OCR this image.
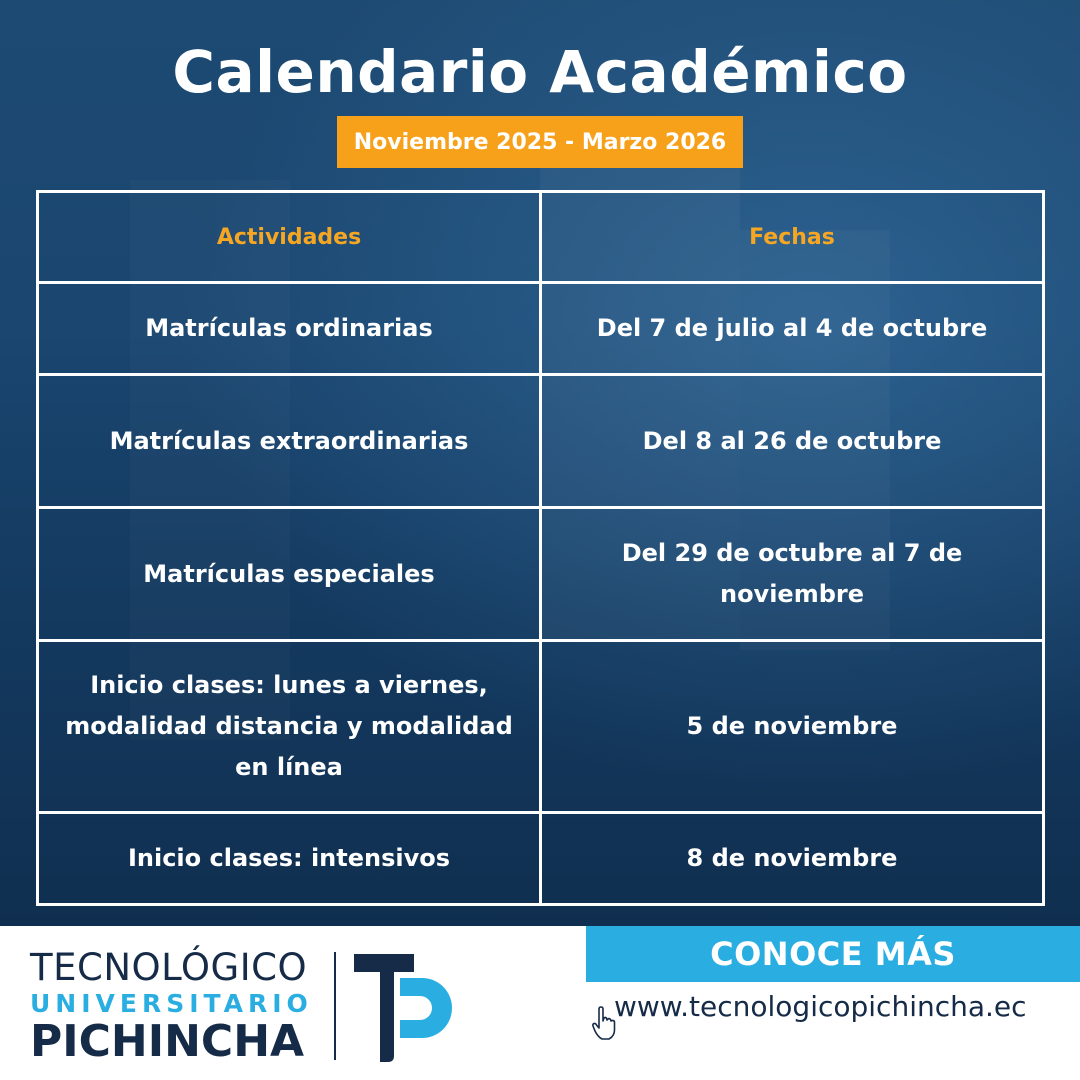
Calendario Académico
Noviembre 2025 - Marzo 2026
Actividades	Fechas
Matrículas ordinarias	Del 7 de julio al 4 de octubre
Matrículas extraordinarias	Del 8 al 26 de octubre
Matrículas especiales	Del 29 de octubre al 7 de noviembre
Inicio clases: lunes a viernes, modalidad distancia y modalidad en línea	5 de noviembre
Inicio clases: intensivos	8 de noviembre
TECNOLÓGICO
UNIVERSITARIO
PICHINCHA
CONOCE MÁS
www.tecnologicopichincha.ec
